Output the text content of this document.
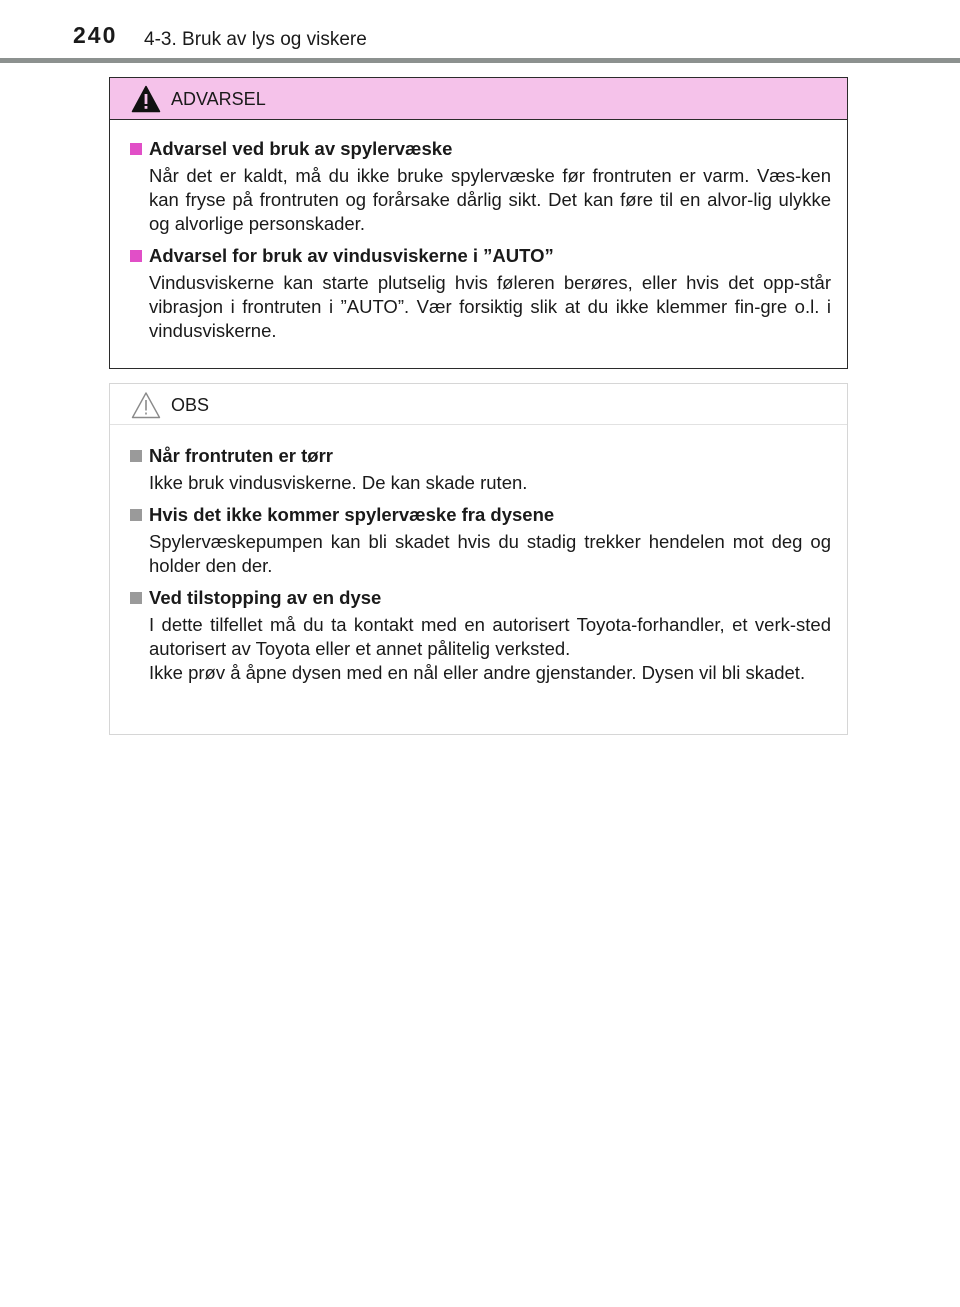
240 4-3. Bruk av lys og viskere
ADVARSEL
Advarsel ved bruk av spylervæske
Når det er kaldt, må du ikke bruke spylervæske før frontruten er varm. Væs-ken kan fryse på frontruten og forårsake dårlig sikt. Det kan føre til en alvor-lig ulykke og alvorlige personskader.
Advarsel for bruk av vindusviskerne i ”AUTO”
Vindusviskerne kan starte plutselig hvis føleren berøres, eller hvis det opp-står vibrasjon i frontruten i ”AUTO”. Vær forsiktig slik at du ikke klemmer fin-gre o.l. i vindusviskerne.
OBS
Når frontruten er tørr
Ikke bruk vindusviskerne. De kan skade ruten.
Hvis det ikke kommer spylervæske fra dysene
Spylervæskepumpen kan bli skadet hvis du stadig trekker hendelen mot deg og holder den der.
Ved tilstopping av en dyse
I dette tilfellet må du ta kontakt med en autorisert Toyota-forhandler, et verk-sted autorisert av Toyota eller et annet pålitelig verksted.
Ikke prøv å åpne dysen med en nål eller andre gjenstander. Dysen vil bli skadet.
